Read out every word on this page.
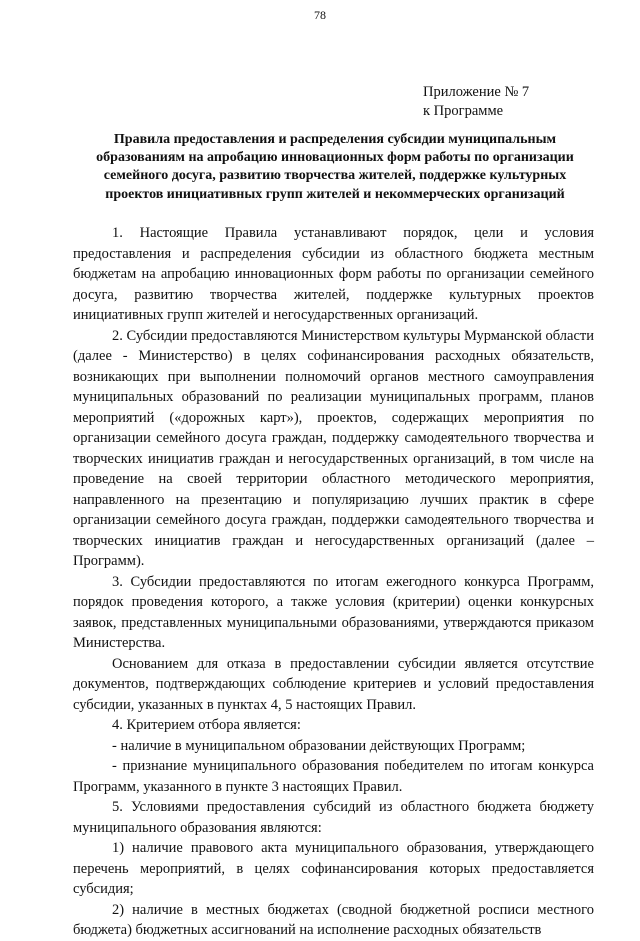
78
Приложение № 7
к Программе
Правила предоставления и распределения субсидии муниципальным
образованиям на апробацию инновационных форм работы по организации
семейного досуга, развитию творчества жителей, поддержке культурных
проектов инициативных групп жителей и некоммерческих организаций

1. Настоящие Правила устанавливают порядок, цели и условия предоставления и распределения субсидии из областного бюджета местным бюджетам на апробацию инновационных форм работы по организации семейного досуга, развитию творчества жителей, поддержке культурных проектов инициативных групп жителей и негосударственных организаций.

2. Субсидии предоставляются Министерством культуры Мурманской области (далее - Министерство) в целях софинансирования расходных обязательств, возникающих при выполнении полномочий органов местного самоуправления муниципальных образований по реализации муниципальных программ, планов мероприятий («дорожных карт»), проектов, содержащих мероприятия по организации семейного досуга граждан, поддержку самодеятельного творчества и творческих инициатив граждан и негосударственных организаций, в том числе на проведение на своей территории областного методического мероприятия, направленного на презентацию и популяризацию лучших практик в сфере организации семейного досуга граждан, поддержки самодеятельного творчества и творческих инициатив граждан и негосударственных организаций (далее – Программ).

3. Субсидии предоставляются по итогам ежегодного конкурса Программ, порядок проведения которого, а также условия (критерии) оценки конкурсных заявок, представленных муниципальными образованиями, утверждаются приказом Министерства.

Основанием для отказа в предоставлении субсидии является отсутствие документов, подтверждающих соблюдение критериев и условий предоставления субсидии, указанных в пунктах 4, 5 настоящих Правил.

4. Критерием отбора является:

- наличие в муниципальном образовании действующих Программ;

- признание муниципального образования победителем по итогам конкурса Программ, указанного в пункте 3 настоящих Правил.

5. Условиями предоставления субсидий из областного бюджета бюджету муниципального образования являются:

1) наличие правового акта муниципального образования, утверждающего перечень мероприятий, в целях софинансирования которых предоставляется субсидия;

2) наличие в местных бюджетах (сводной бюджетной росписи местного бюджета) бюджетных ассигнований на исполнение расходных обязательств
